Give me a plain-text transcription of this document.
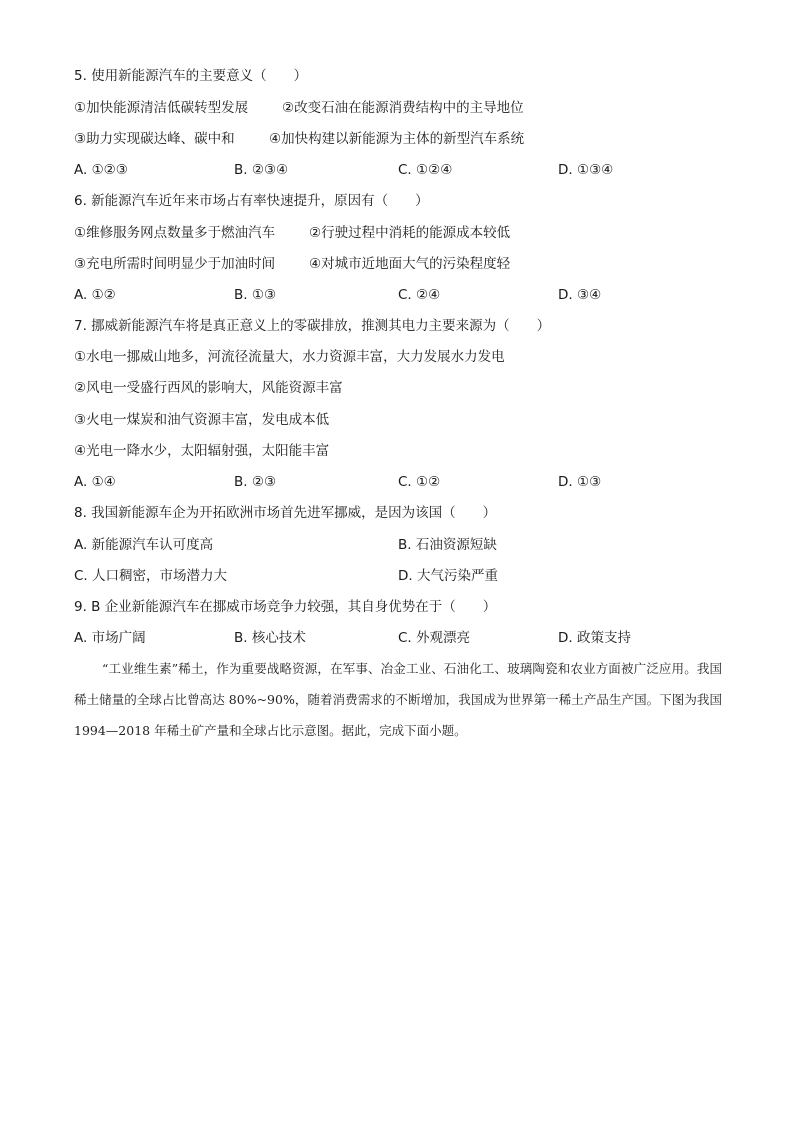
5. 使用新能源汽车的主要意义（　　）
①加快能源清洁低碳转型发展	②改变石油在能源消费结构中的主导地位
③助力实现碳达峰、碳中和	④加快构建以新能源为主体的新型汽车系统
A. ①②③	B. ②③④	C. ①②④	D. ①③④
6. 新能源汽车近年来市场占有率快速提升，原因有（　　）
①维修服务网点数量多于燃油汽车	②行驶过程中消耗的能源成本较低
③充电所需时间明显少于加油时间	④对城市近地面大气的污染程度轻
A. ①②	B. ①③	C. ②④	D. ③④
7. 挪威新能源汽车将是真正意义上的零碳排放，推测其电力主要来源为（　　）
①水电一挪威山地多，河流径流量大，水力资源丰富，大力发展水力发电
②风电一受盛行西风的影响大，风能资源丰富
③火电一煤炭和油气资源丰富，发电成本低
④光电一降水少，太阳辐射强，太阳能丰富
A. ①④	B. ②③	C. ①②	D. ①③
8. 我国新能源车企为开拓欧洲市场首先进军挪威，是因为该国（　　）
A. 新能源汽车认可度高	B. 石油资源短缺
C. 人口稠密，市场潜力大	D. 大气污染严重
9. B 企业新能源汽车在挪威市场竞争力较强，其自身优势在于（　　）
A. 市场广阔	B. 核心技术	C. 外观漂亮	D. 政策支持
“工业维生素”稀土，作为重要战略资源，在军事、冶金工业、石油化工、玻璃陶瓷和农业方面被广泛应用。我国稀土储量的全球占比曾高达 80%~90%，随着消费需求的不断增加，我国成为世界第一稀土产品生产国。下图为我国 1994—2018 年稀土矿产量和全球占比示意图。据此，完成下面小题。
